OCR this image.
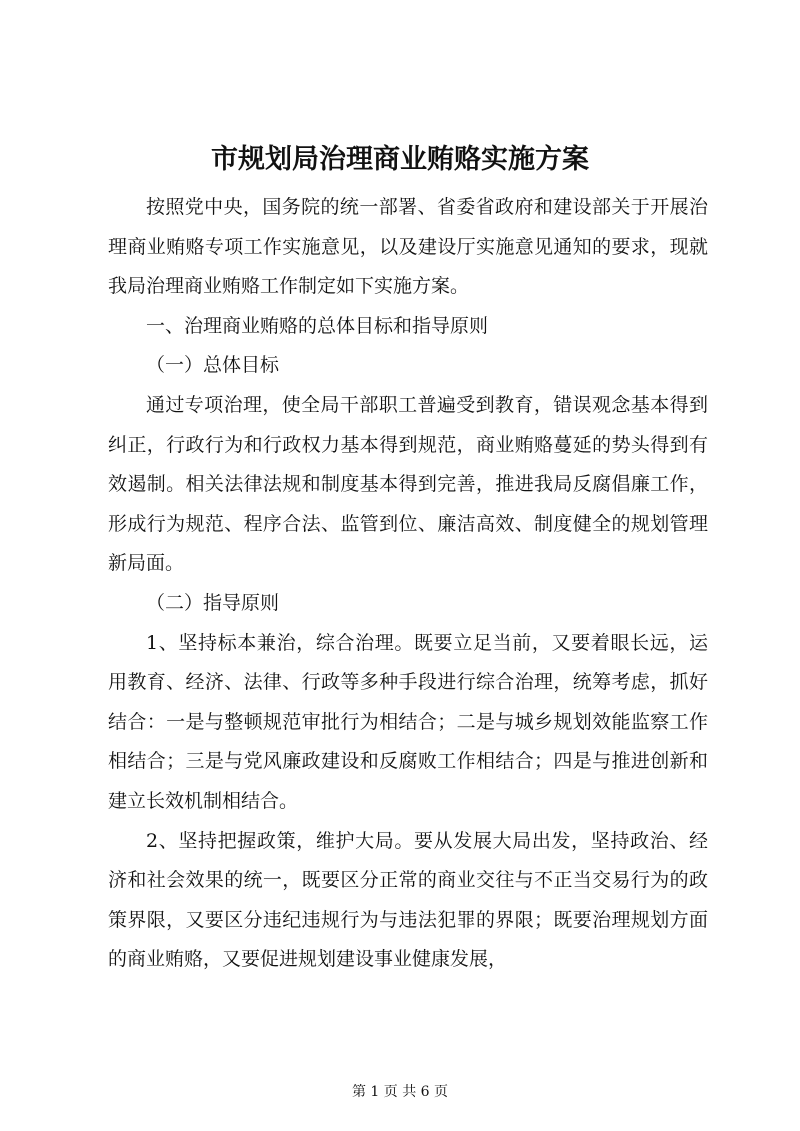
市规划局治理商业贿赂实施方案

按照党中央，国务院的统一部署、省委省政府和建设部关于开展治理商业贿赂专项工作实施意见，以及建设厅实施意见通知的要求，现就我局治理商业贿赂工作制定如下实施方案。

一、治理商业贿赂的总体目标和指导原则

（一）总体目标

通过专项治理，使全局干部职工普遍受到教育，错误观念基本得到纠正，行政行为和行政权力基本得到规范，商业贿赂蔓延的势头得到有效遏制。相关法律法规和制度基本得到完善，推进我局反腐倡廉工作，形成行为规范、程序合法、监管到位、廉洁高效、制度健全的规划管理新局面。

（二）指导原则

1、坚持标本兼治，综合治理。既要立足当前，又要着眼长远，运用教育、经济、法律、行政等多种手段进行综合治理，统筹考虑，抓好结合：一是与整顿规范审批行为相结合；二是与城乡规划效能监察工作相结合；三是与党风廉政建设和反腐败工作相结合；四是与推进创新和建立长效机制相结合。

2、坚持把握政策，维护大局。要从发展大局出发，坚持政治、经济和社会效果的统一，既要区分正常的商业交往与不正当交易行为的政策界限，又要区分违纪违规行为与违法犯罪的界限；既要治理规划方面的商业贿赂，又要促进规划建设事业健康发展，

第 1 页 共 6 页
